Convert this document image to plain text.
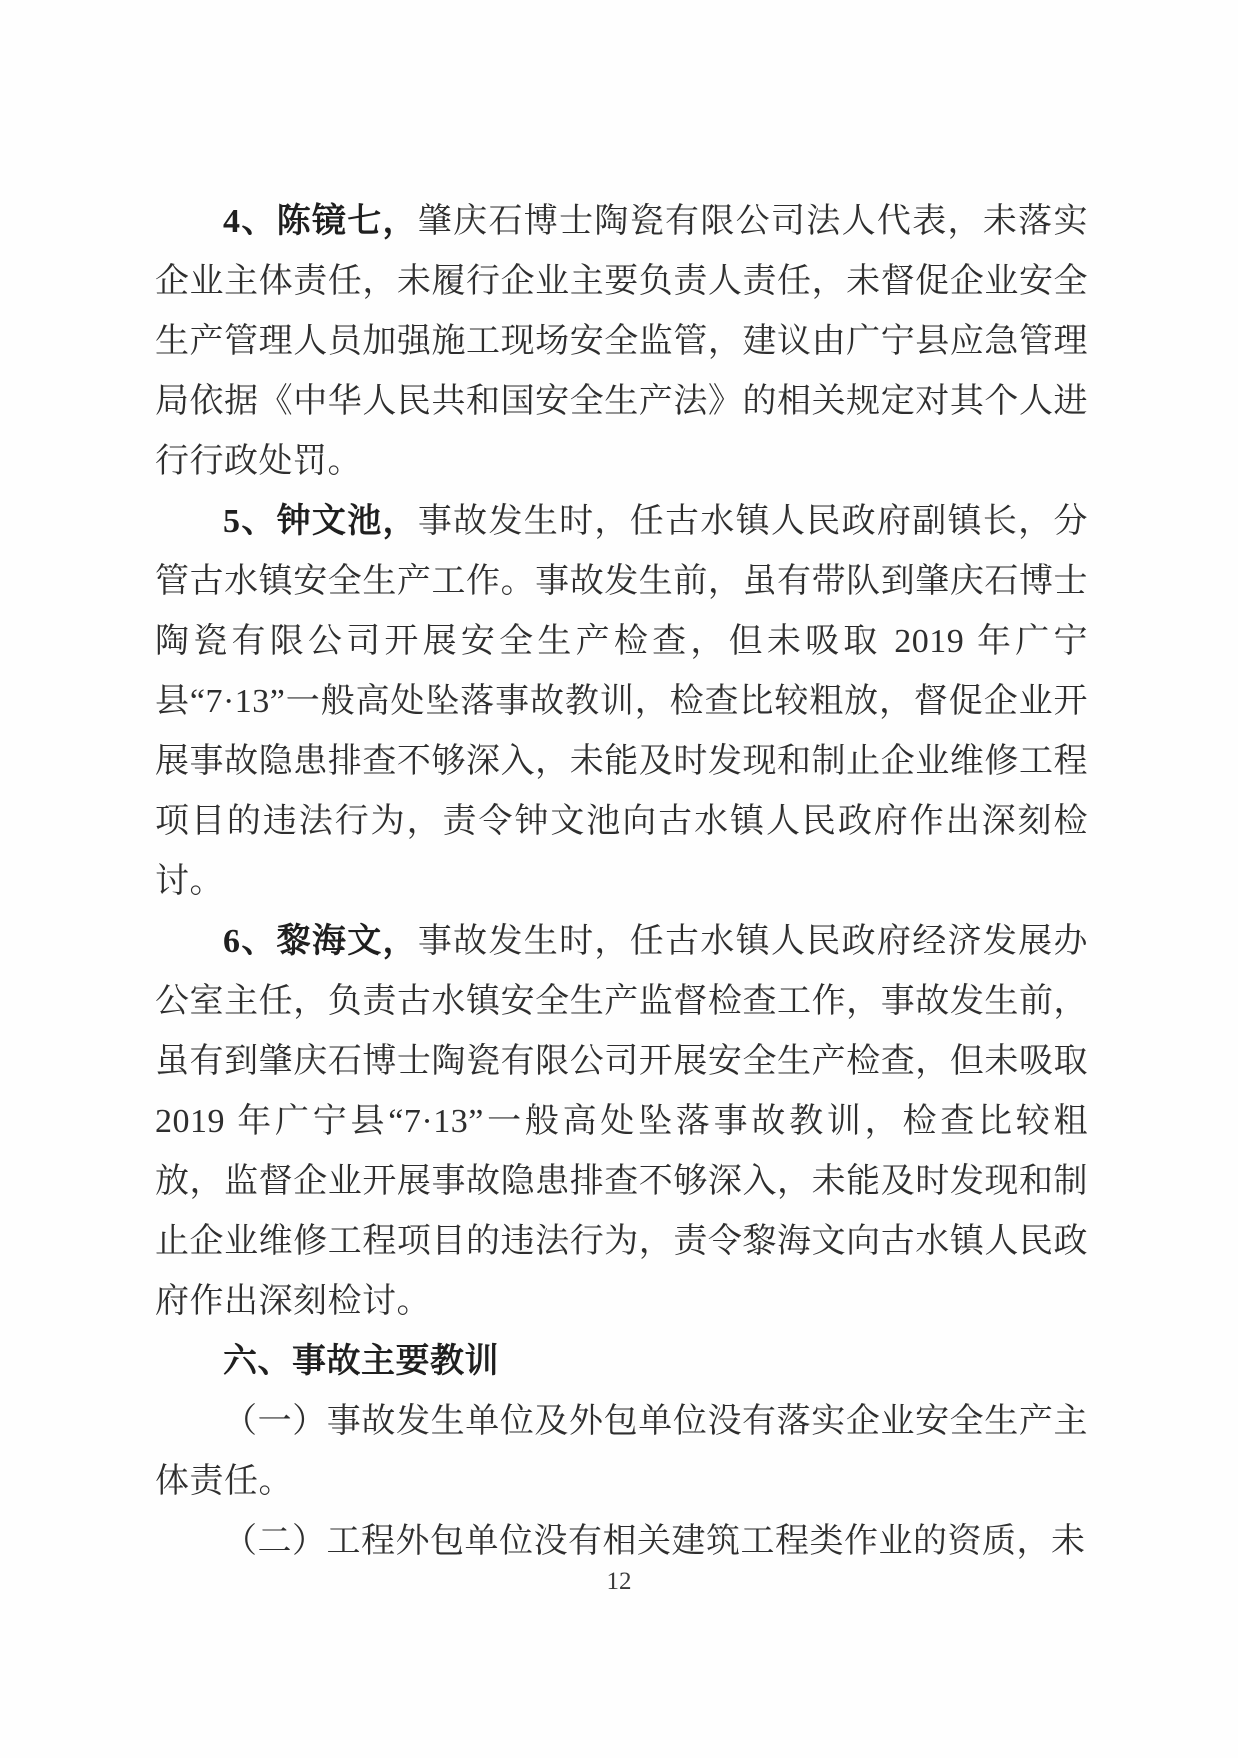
4、陈镜七，肇庆石博士陶瓷有限公司法人代表，未落实企业主体责任，未履行企业主要负责人责任，未督促企业安全生产管理人员加强施工现场安全监管，建议由广宁县应急管理局依据《中华人民共和国安全生产法》的相关规定对其个人进行行政处罚。

5、钟文池，事故发生时，任古水镇人民政府副镇长，分管古水镇安全生产工作。事故发生前，虽有带队到肇庆石博士陶瓷有限公司开展安全生产检查，但未吸取 2019 年广宁县“7·13”一般高处坠落事故教训，检查比较粗放，督促企业开展事故隐患排查不够深入，未能及时发现和制止企业维修工程项目的违法行为，责令钟文池向古水镇人民政府作出深刻检讨。

6、黎海文，事故发生时，任古水镇人民政府经济发展办公室主任，负责古水镇安全生产监督检查工作，事故发生前，虽有到肇庆石博士陶瓷有限公司开展安全生产检查，但未吸取 2019 年广宁县“7·13”一般高处坠落事故教训，检查比较粗放，监督企业开展事故隐患排查不够深入，未能及时发现和制止企业维修工程项目的违法行为，责令黎海文向古水镇人民政府作出深刻检讨。

六、事故主要教训

（一）事故发生单位及外包单位没有落实企业安全生产主体责任。

（二）工程外包单位没有相关建筑工程类作业的资质，未

12
